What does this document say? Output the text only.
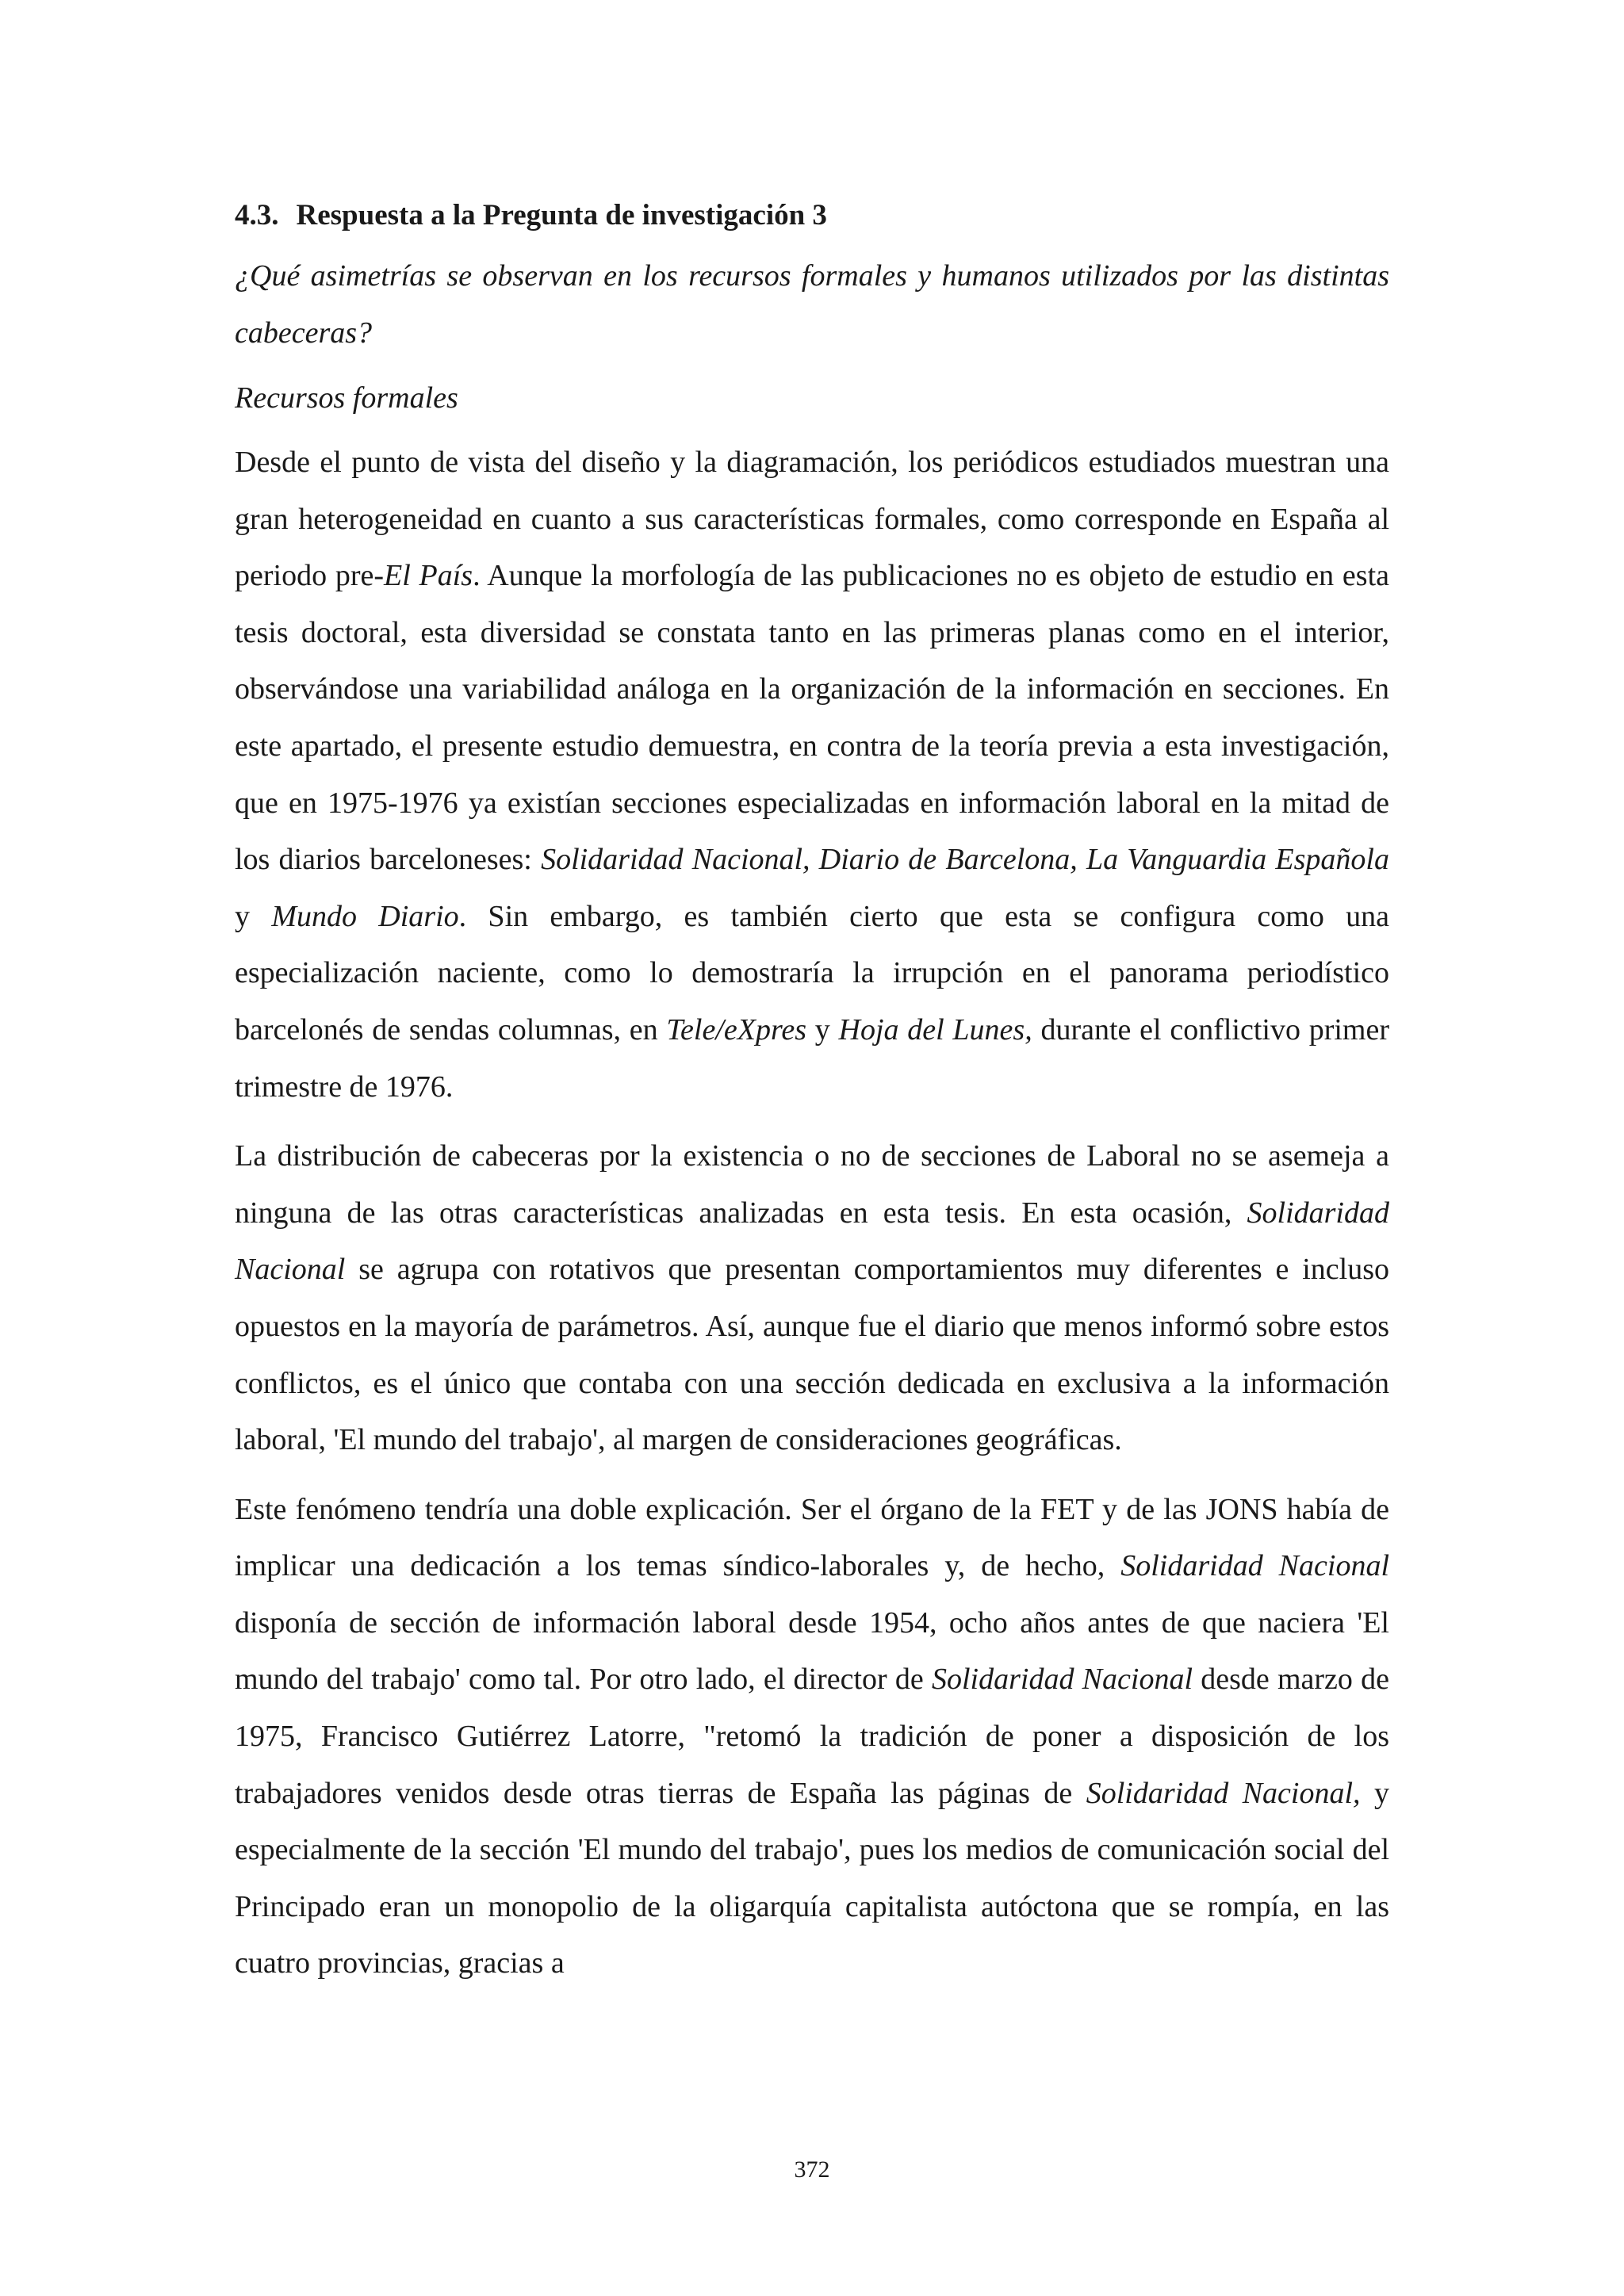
4.3. Respuesta a la Pregunta de investigación 3

¿Qué asimetrías se observan en los recursos formales y humanos utilizados por las distintas cabeceras?

Recursos formales

Desde el punto de vista del diseño y la diagramación, los periódicos estudiados muestran una gran heterogeneidad en cuanto a sus características formales, como corresponde en España al periodo pre-El País. Aunque la morfología de las publicaciones no es objeto de estudio en esta tesis doctoral, esta diversidad se constata tanto en las primeras planas como en el interior, observándose una variabilidad análoga en la organización de la información en secciones. En este apartado, el presente estudio demuestra, en contra de la teoría previa a esta investigación, que en 1975-1976 ya existían secciones especializadas en información laboral en la mitad de los diarios barceloneses: Solidaridad Nacional, Diario de Barcelona, La Vanguardia Española y Mundo Diario. Sin embargo, es también cierto que esta se configura como una especialización naciente, como lo demostraría la irrupción en el panorama periodístico barcelonés de sendas columnas, en Tele/eXpres y Hoja del Lunes, durante el conflictivo primer trimestre de 1976.

La distribución de cabeceras por la existencia o no de secciones de Laboral no se asemeja a ninguna de las otras características analizadas en esta tesis. En esta ocasión, Solidaridad Nacional se agrupa con rotativos que presentan comportamientos muy diferentes e incluso opuestos en la mayoría de parámetros. Así, aunque fue el diario que menos informó sobre estos conflictos, es el único que contaba con una sección dedicada en exclusiva a la información laboral, 'El mundo del trabajo', al margen de consideraciones geográficas.

Este fenómeno tendría una doble explicación. Ser el órgano de la FET y de las JONS había de implicar una dedicación a los temas síndico-laborales y, de hecho, Solidaridad Nacional disponía de sección de información laboral desde 1954, ocho años antes de que naciera 'El mundo del trabajo' como tal. Por otro lado, el director de Solidaridad Nacional desde marzo de 1975, Francisco Gutiérrez Latorre, "retomó la tradición de poner a disposición de los trabajadores venidos desde otras tierras de España las páginas de Solidaridad Nacional, y especialmente de la sección 'El mundo del trabajo', pues los medios de comunicación social del Principado eran un monopolio de la oligarquía capitalista autóctona que se rompía, en las cuatro provincias, gracias a

372
